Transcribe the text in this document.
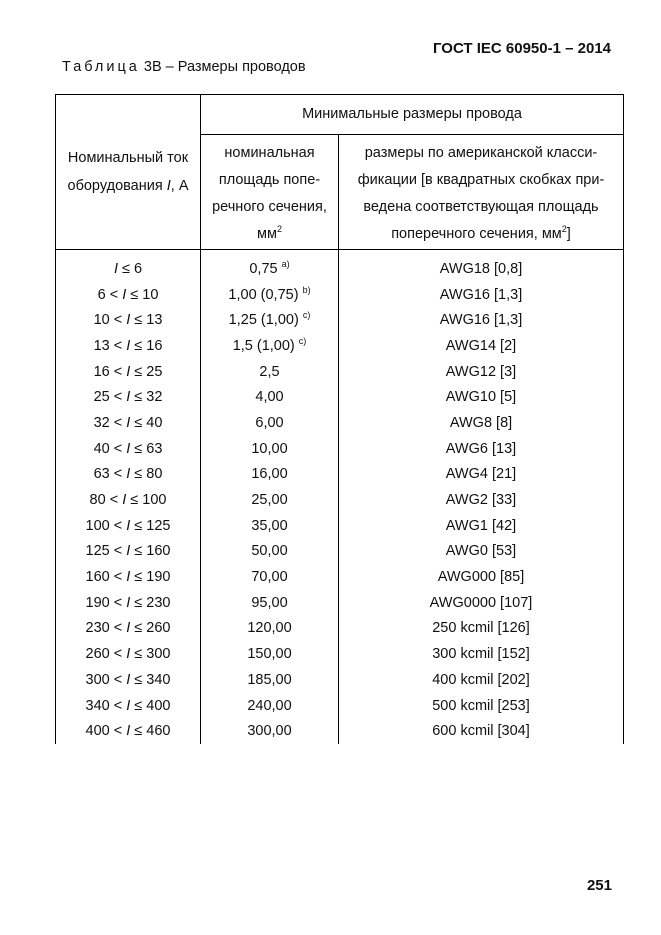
ГОСТ IEC 60950-1 – 2014
Таблица 3В – Размеры проводов
Номинальный ток
оборудования I, А	Минимальные размеры провода	
	номинальная
площадь попе-
речного сечения,
$мм^2$	размеры по американской класси-
фикации [в квадратных скобках при-
ведена соответствующая площадь
поперечного сечения, $мм^2$]
I ≤ 6	0,75 $^{a)}$	AWG18 [0,8]
6 < I ≤ 10	1,00 (0,75) $^{b)}$	AWG16 [1,3]
10 < I ≤ 13	1,25 (1,00) $^{c)}$	AWG16 [1,3]
13 < I ≤ 16	1,5 (1,00) $^{c)}$	AWG14 [2]
16 < I ≤ 25	2,5	AWG12 [3]
25 < I ≤ 32	4,00	AWG10 [5]
32 < I ≤ 40	6,00	AWG8 [8]
40 < I ≤ 63	10,00	AWG6 [13]
63 < I ≤ 80	16,00	AWG4 [21]
80 < I ≤ 100	25,00	AWG2 [33]
100 < I ≤ 125	35,00	AWG1 [42]
125 < I ≤ 160	50,00	AWG0 [53]
160 < I ≤ 190	70,00	AWG000 [85]
190 < I ≤ 230	95,00	AWG0000 [107]
230 < I ≤ 260	120,00	250 kcmil [126]
260 < I ≤ 300	150,00	300 kcmil [152]
300 < I ≤ 340	185,00	400 kcmil [202]
340 < I ≤ 400	240,00	500 kcmil [253]
400 < I ≤ 460	300,00	600 kcmil [304]
251
